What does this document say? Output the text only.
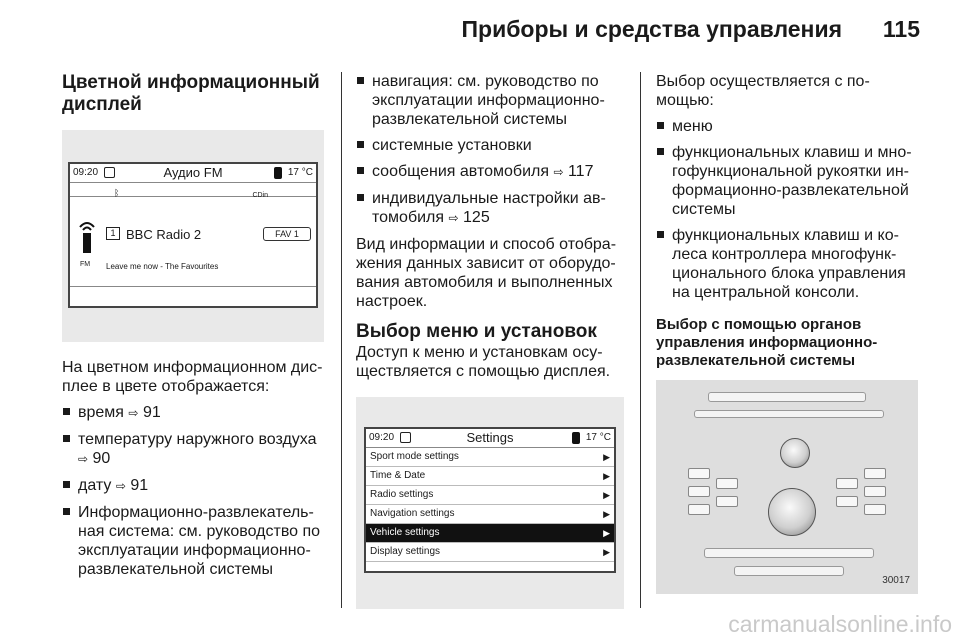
Приборы и средства управления 115
Цветной информационный дисплей
09:20	Аудио FM	17 °C
ᛒ	CDin
FM
1 BBC Radio 2	FAV 1
Leave me now - The Favourites

На цветном информационном дис-плее в цвете отображается:

время ⇨ 91
температуру наружного воздуха ⇨ 90
дату ⇨ 91
Информационно-развлекатель-ная система: см. руководство по эксплуатации информационно-развлекательной системы
навигация: см. руководство по эксплуатации информационно-развлекательной системы
системные установки
сообщения автомобиля ⇨ 117
индивидуальные настройки ав-томобиля ⇨ 125

Вид информации и способ отобра-жения данных зависит от оборудо-вания автомобиля и выполненных настроек.

Выбор меню и установок

Доступ к меню и установкам осу-ществляется с помощью дисплея.

09:20	Settings	17 °C
Sport mode settings	▶
Time & Date	▶
Radio settings	▶
Navigation settings	▶
Vehicle settings	▶
Display settings	▶

Выбор осуществляется с по-мощью:

меню
функциональных клавиш и мно-гофункциональной рукоятки ин-формационно-развлекательной системы
функциональных клавиш и ко-леса контроллера многофунк-ционального блока управления на центральной консоли.
Выбор с помощью органов управления информационно-развлекательной системы
30017
carmanualsonline.info
